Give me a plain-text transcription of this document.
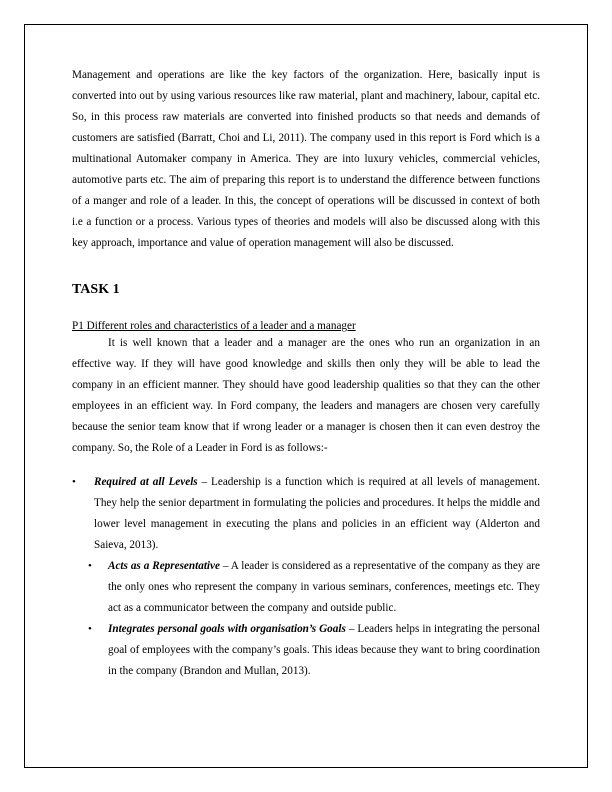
Management and operations are like the key factors of the organization. Here, basically input is converted into out by using various resources like raw material, plant and machinery, labour, capital etc. So, in this process raw materials are converted into finished products so that needs and demands of customers are satisfied (Barratt, Choi and Li, 2011). The company used in this report is Ford which is a multinational Automaker company in America. They are into luxury vehicles, commercial vehicles, automotive parts etc. The aim of preparing this report is to understand the difference between functions of a manger and role of a leader. In this, the concept of operations will be discussed in context of both i.e a function or a process. Various types of theories and models will also be discussed along with this key approach, importance and value of operation management will also be discussed.

TASK 1
P1 Different roles and characteristics of a leader and a manager

It is well known that a leader and a manager are the ones who run an organization in an effective way. If they will have good knowledge and skills then only they will be able to lead the company in an efficient manner. They should have good leadership qualities so that they can the other employees in an efficient way. In Ford company, the leaders and managers are chosen very carefully because the senior team know that if wrong leader or a manager is chosen then it can even destroy the company. So, the Role of a Leader in Ford is as follows:-

• Required at all Levels – Leadership is a function which is required at all levels of management. They help the senior department in formulating the policies and procedures. It helps the middle and lower level management in executing the plans and policies in an efficient way (Alderton and Saieva, 2013).
• Acts as a Representative – A leader is considered as a representative of the company as they are the only ones who represent the company in various seminars, conferences, meetings etc. They act as a communicator between the company and outside public.
• Integrates personal goals with organisation’s Goals – Leaders helps in integrating the personal goal of employees with the company’s goals. This ideas because they want to bring coordination in the company (Brandon and Mullan, 2013).
